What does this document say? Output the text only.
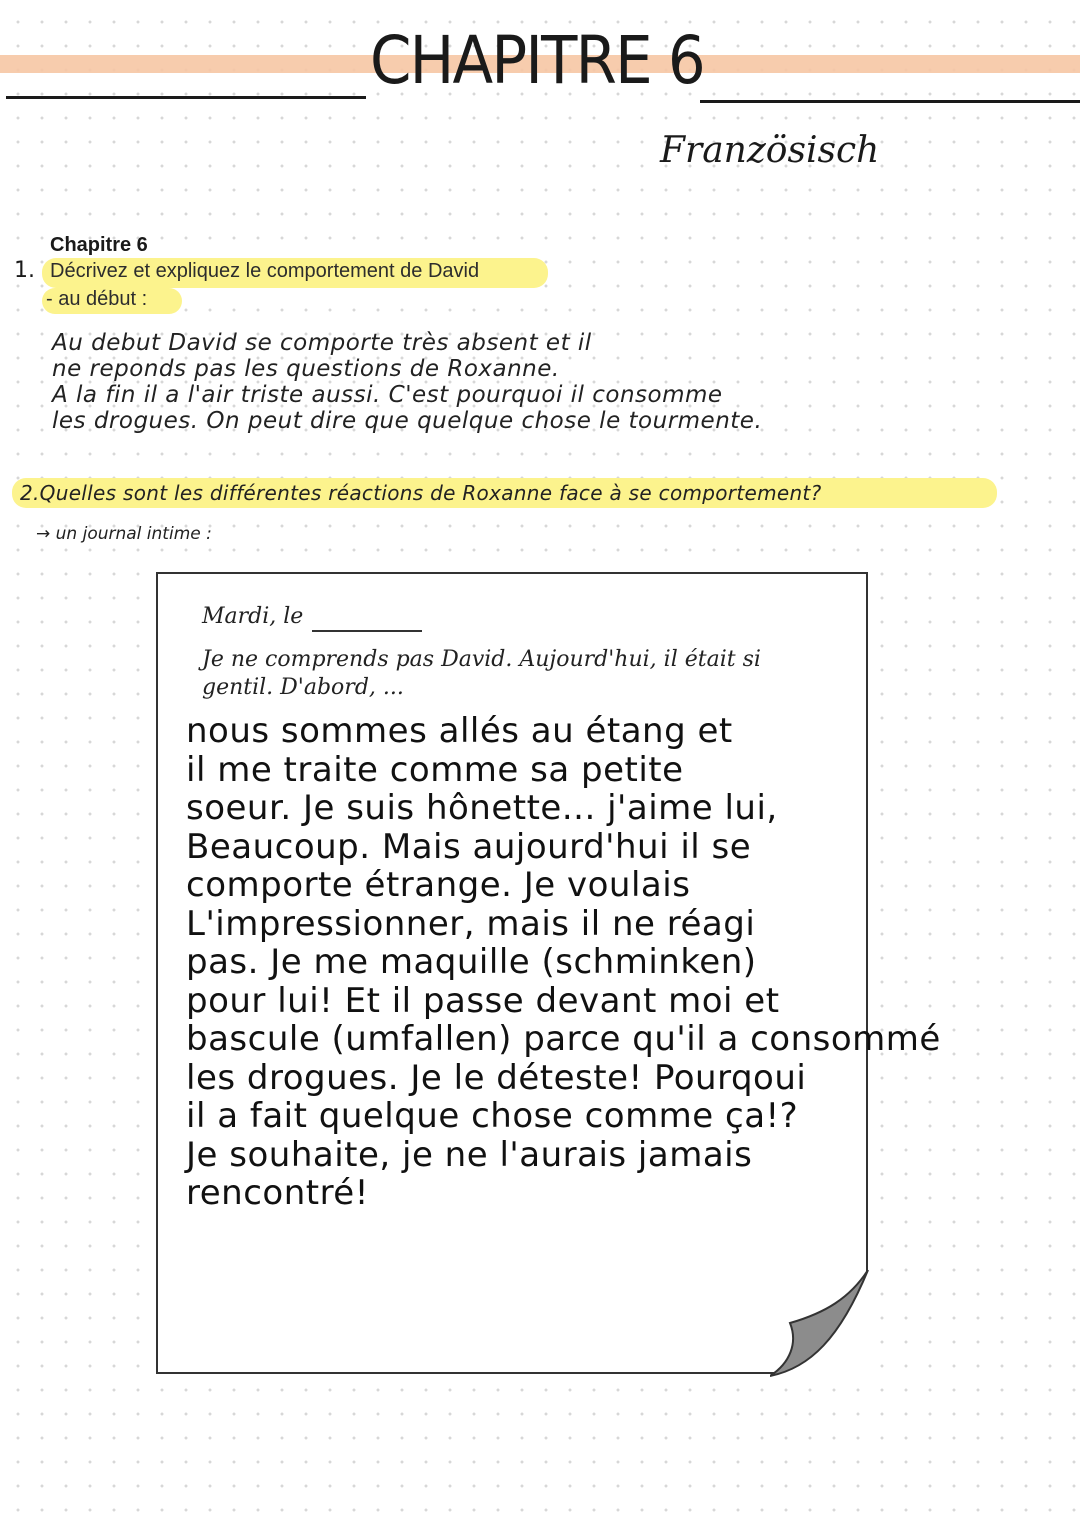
CHAPITRE 6
Französisch
Chapitre 6
1. Décrivez et expliquez le comportement de David
- au début :
Au debut David se comporte très absent et il
ne reponds pas les questions de Roxanne.
A la fin il a l'air triste aussi. C'est pourquoi il consomme
les drogues. On peut dire que quelque chose le tourmente.
2.Quelles sont les différentes réactions de Roxanne face à se comportement?
→ un journal intime :
Mardi, le
Je ne comprends pas David. Aujourd'hui, il était si
gentil. D'abord, ...
nous sommes allés au étang et
il me traite comme sa petite
soeur. Je suis hônette... j'aime lui,
Beaucoup. Mais aujourd'hui il se
comporte étrange. Je voulais
L'impressionner, mais il ne réagi
pas. Je me maquille (schminken)
pour lui! Et il passe devant moi et
bascule (umfallen) parce qu'il a consommé
les drogues. Je le déteste! Pourqoui
il a fait quelque chose comme ça!?
Je souhaite, je ne l'aurais jamais
rencontré!
